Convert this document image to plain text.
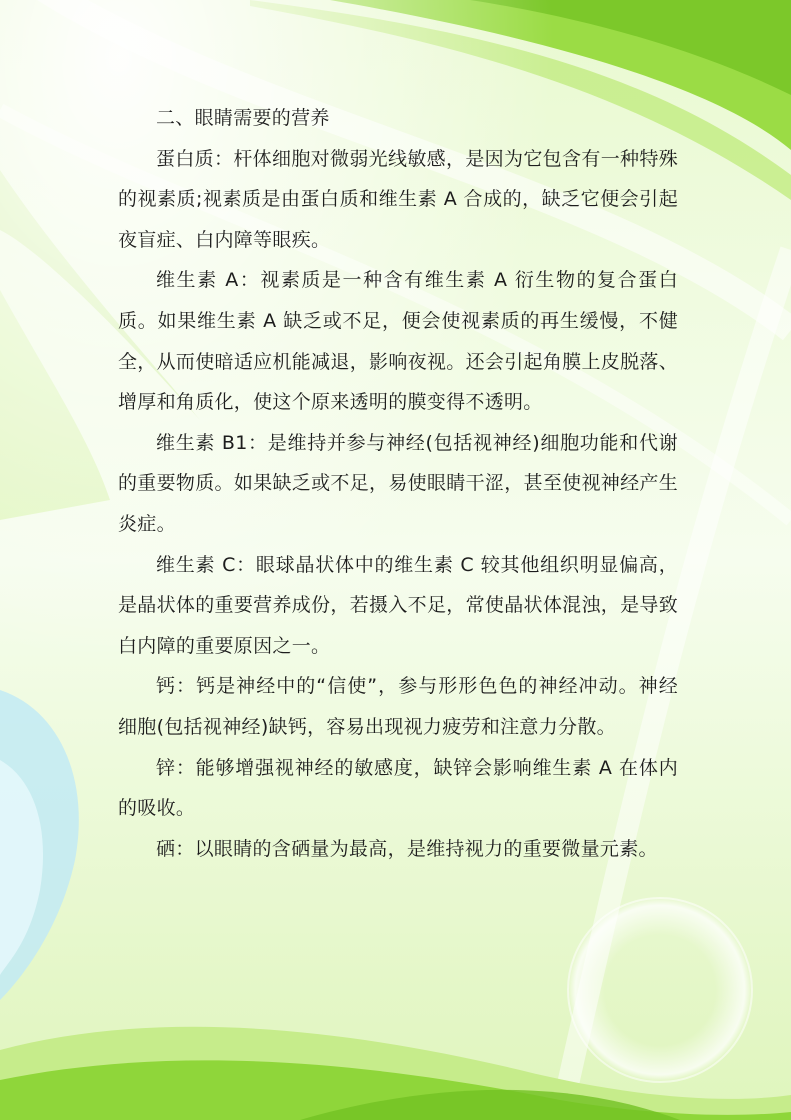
二、眼睛需要的营养

蛋白质：杆体细胞对微弱光线敏感，是因为它包含有一种特殊的视素质;视素质是由蛋白质和维生素 A 合成的，缺乏它便会引起夜盲症、白内障等眼疾。

维生素 A：视素质是一种含有维生素 A 衍生物的复合蛋白质。如果维生素 A 缺乏或不足，便会使视素质的再生缓慢，不健全，从而使暗适应机能减退，影响夜视。还会引起角膜上皮脱落、增厚和角质化，使这个原来透明的膜变得不透明。

维生素 B1：是维持并参与神经(包括视神经)细胞功能和代谢的重要物质。如果缺乏或不足，易使眼睛干涩，甚至使视神经产生炎症。

维生素 C：眼球晶状体中的维生素 C 较其他组织明显偏高，是晶状体的重要营养成份，若摄入不足，常使晶状体混浊，是导致白内障的重要原因之一。

钙：钙是神经中的“信使”，参与形形色色的神经冲动。神经细胞(包括视神经)缺钙，容易出现视力疲劳和注意力分散。

锌：能够增强视神经的敏感度，缺锌会影响维生素 A 在体内的吸收。

硒：以眼睛的含硒量为最高，是维持视力的重要微量元素。
